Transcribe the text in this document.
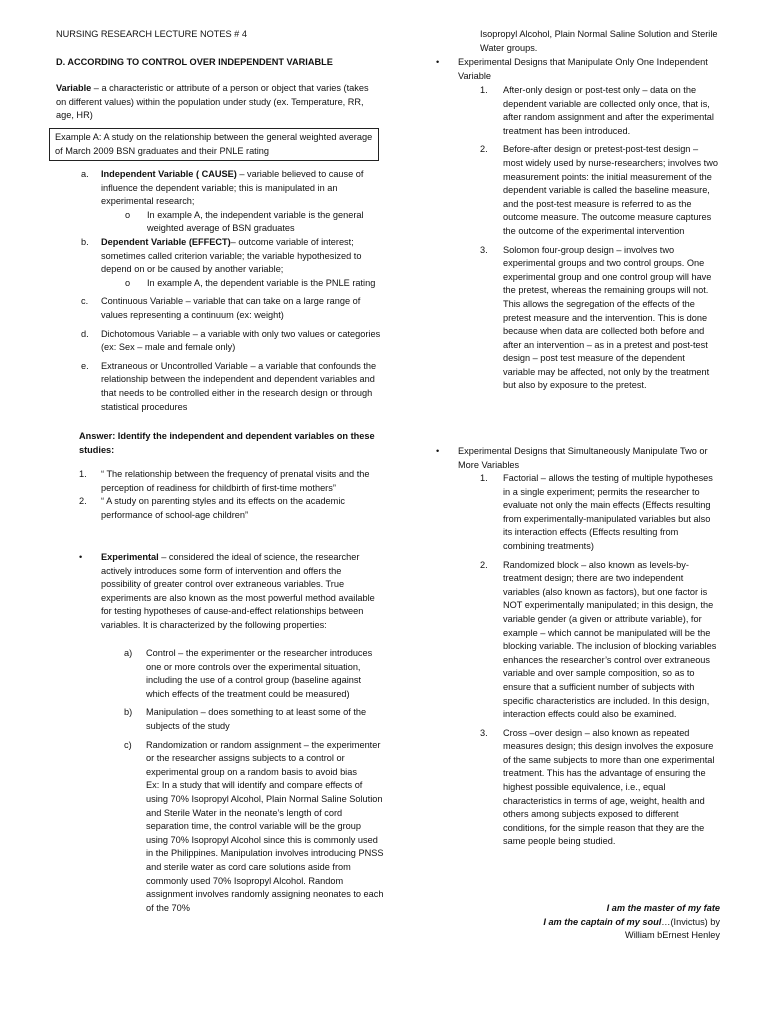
NURSING RESEARCH LECTURE NOTES # 4

D. ACCORDING TO CONTROL OVER INDEPENDENT VARIABLE

Variable – a characteristic or attribute of a person or object that varies (takes on different values) within the population under study (ex. Temperature, RR, age, HR)

Example A: A study on the relationship between the general weighted average of March 2009 BSN graduates and their PNLE rating

a. Independent Variable ( CAUSE) – variable believed to cause of influence the dependent variable; this is manipulated in an experimental research;

o In example A, the independent variable is the general weighted average of BSN graduates

b. Dependent Variable (EFFECT)– outcome variable of interest; sometimes called criterion variable; the variable hypothesized to depend on or be caused by another variable;

o In example A, the dependent variable is the PNLE rating

c. Continuous Variable – variable that can take on a large range of values representing a continuum (ex: weight)

d. Dichotomous Variable – a variable with only two values or categories (ex: Sex – male and female only)

e. Extraneous or Uncontrolled Variable – a variable that confounds the relationship between the independent and dependent variables and that needs to be controlled either in the research design or through statistical procedures

Answer: Identify the independent and dependent variables on these studies:

1. “ The relationship between the frequency of prenatal visits and the perception of readiness for childbirth of first-time mothers”

2. “ A study on parenting styles and its effects on the academic performance of school-age children”

• Experimental – considered the ideal of science, the researcher actively introduces some form of intervention and offers the possibility of greater control over extraneous variables. True experiments are also known as the most powerful method available for testing hypotheses of cause-and-effect relationships between variables. It is characterized by the following properties:

a) Control – the experimenter or the researcher introduces one or more controls over the experimental situation, including the use of a control group (baseline against which effects of the treatment could be measured)

b) Manipulation – does something to at least some of the subjects of the study

c) Randomization or random assignment – the experimenter or the researcher assigns subjects to a control or experimental group on a random basis to avoid bias

Ex: In a study that will identify and compare effects of using 70% Isopropyl Alcohol, Plain Normal Saline Solution and Sterile Water in the neonate’s length of cord separation time, the control variable will be the group using 70% Isopropyl Alcohol since this is commonly used in the Philippines. Manipulation involves introducing PNSS and sterile water as cord care solutions aside from commonly used 70% Isopropyl Alcohol. Random assignment involves randomly assigning neonates to each of the 70%

Isopropyl Alcohol, Plain Normal Saline Solution and Sterile Water groups.

• Experimental Designs that Manipulate Only One Independent Variable

1. After-only design or post-test only – data on the dependent variable are collected only once, that is, after random assignment and after the experimental treatment has been introduced.

2. Before-after design or pretest-post-test design – most widely used by nurse-researchers; involves two measurement points: the initial measurement of the dependent variable is called the baseline measure, and the post-test measure is referred to as the outcome measure. The outcome measure captures the outcome of the experimental intervention

3. Solomon four-group design – involves two experimental groups and two control groups. One experimental group and one control group will have the pretest, whereas the remaining groups will not. This allows the segregation of the effects of the pretest measure and the intervention. This is done because when data are collected both before and after an intervention – as in a pretest and post-test design – post test measure of the dependent variable may be affected, not only by the treatment but also by exposure to the pretest.

• Experimental Designs that Simultaneously Manipulate Two or More Variables

1. Factorial – allows the testing of multiple hypotheses in a single experiment; permits the researcher to evaluate not only the main effects (Effects resulting from experimentally-manipulated variables but also its interaction effects (Effects resulting from combining treatments)

2. Randomized block – also known as levels-by-treatment design; there are two independent variables (also known as factors), but one factor is NOT experimentally manipulated; in this design, the variable gender (a given or attribute variable), for example – which cannot be manipulated will be the blocking variable. The inclusion of blocking variables enhances the researcher’s control over extraneous variable and over sample composition, so as to ensure that a sufficient number of subjects with specific characteristics are included. In this design, interaction effects could also be examined.

3. Cross –over design – also known as repeated measures design; this design involves the exposure of the same subjects to more than one experimental treatment. This has the advantage of ensuring the highest possible equivalence, i.e., equal characteristics in terms of age, weight, health and others among subjects exposed to different conditions, for the simple reason that they are the same people being studied.

I am the master of my fate

I am the captain of my soul…(Invictus) by

William bErnest Henley
